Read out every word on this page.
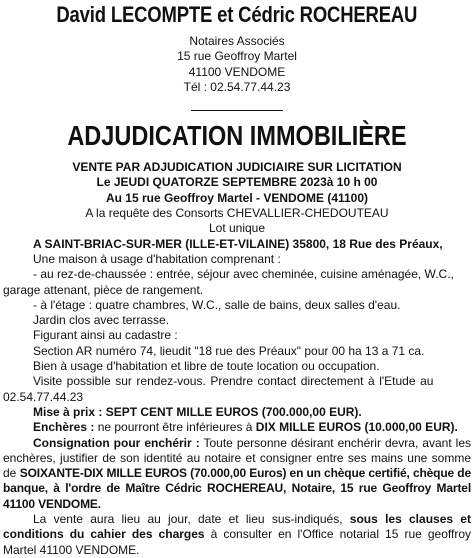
David LECOMPTE et Cédric ROCHEREAU
Notaires Associés
15 rue Geoffroy Martel
41100 VENDOME
Tél : 02.54.77.44.23
ADJUDICATION IMMOBILIÈRE
VENTE PAR ADJUDICATION JUDICIAIRE SUR LICITATION
Le JEUDI QUATORZE SEPTEMBRE 2023à 10 h 00
Au 15 rue Geoffroy Martel - VENDOME (41100)
A la requête des Consorts CHEVALLIER-CHEDOUTEAU
Lot unique

A SAINT-BRIAC-SUR-MER (ILLE-ET-VILAINE) 35800, 18 Rue des Préaux,

Une maison à usage d'habitation comprenant :

- au rez-de-chaussée : entrée, séjour avec cheminée, cuisine aménagée, W.C.,

garage attenant, pièce de rangement.

- à l'étage : quatre chambres, W.C., salle de bains, deux salles d'eau.

Jardin clos avec terrasse.

Figurant ainsi au cadastre :

Section AR numéro 74, lieudit "18 rue des Préaux" pour 00 ha 13 a 71 ca.

Bien à usage d'habitation et libre de toute location ou occupation.

Visite possible sur rendez-vous. Prendre contact directement à l'Etude au

02.54.77.44.23

Mise à prix : SEPT CENT MILLE EUROS (700.000,00 EUR).

Enchères : ne pourront être inférieures à DIX MILLE EUROS (10.000,00 EUR).

Consignation pour enchérir : Toute personne désirant enchérir devra, avant les enchères, justifier de son identité au notaire et consigner entre ses mains une somme de SOIXANTE-DIX MILLE EUROS (70.000,00 Euros) en un chèque certifié, chèque de banque, à l'ordre de Maître Cédric ROCHEREAU, Notaire, 15 rue Geoffroy Martel 41100 VENDOME.

La vente aura lieu au jour, date et lieu sus-indiqués, sous les clauses et conditions du cahier des charges à consulter en l'Office notarial 15 rue geoffroy Martel 41100 VENDOME.
